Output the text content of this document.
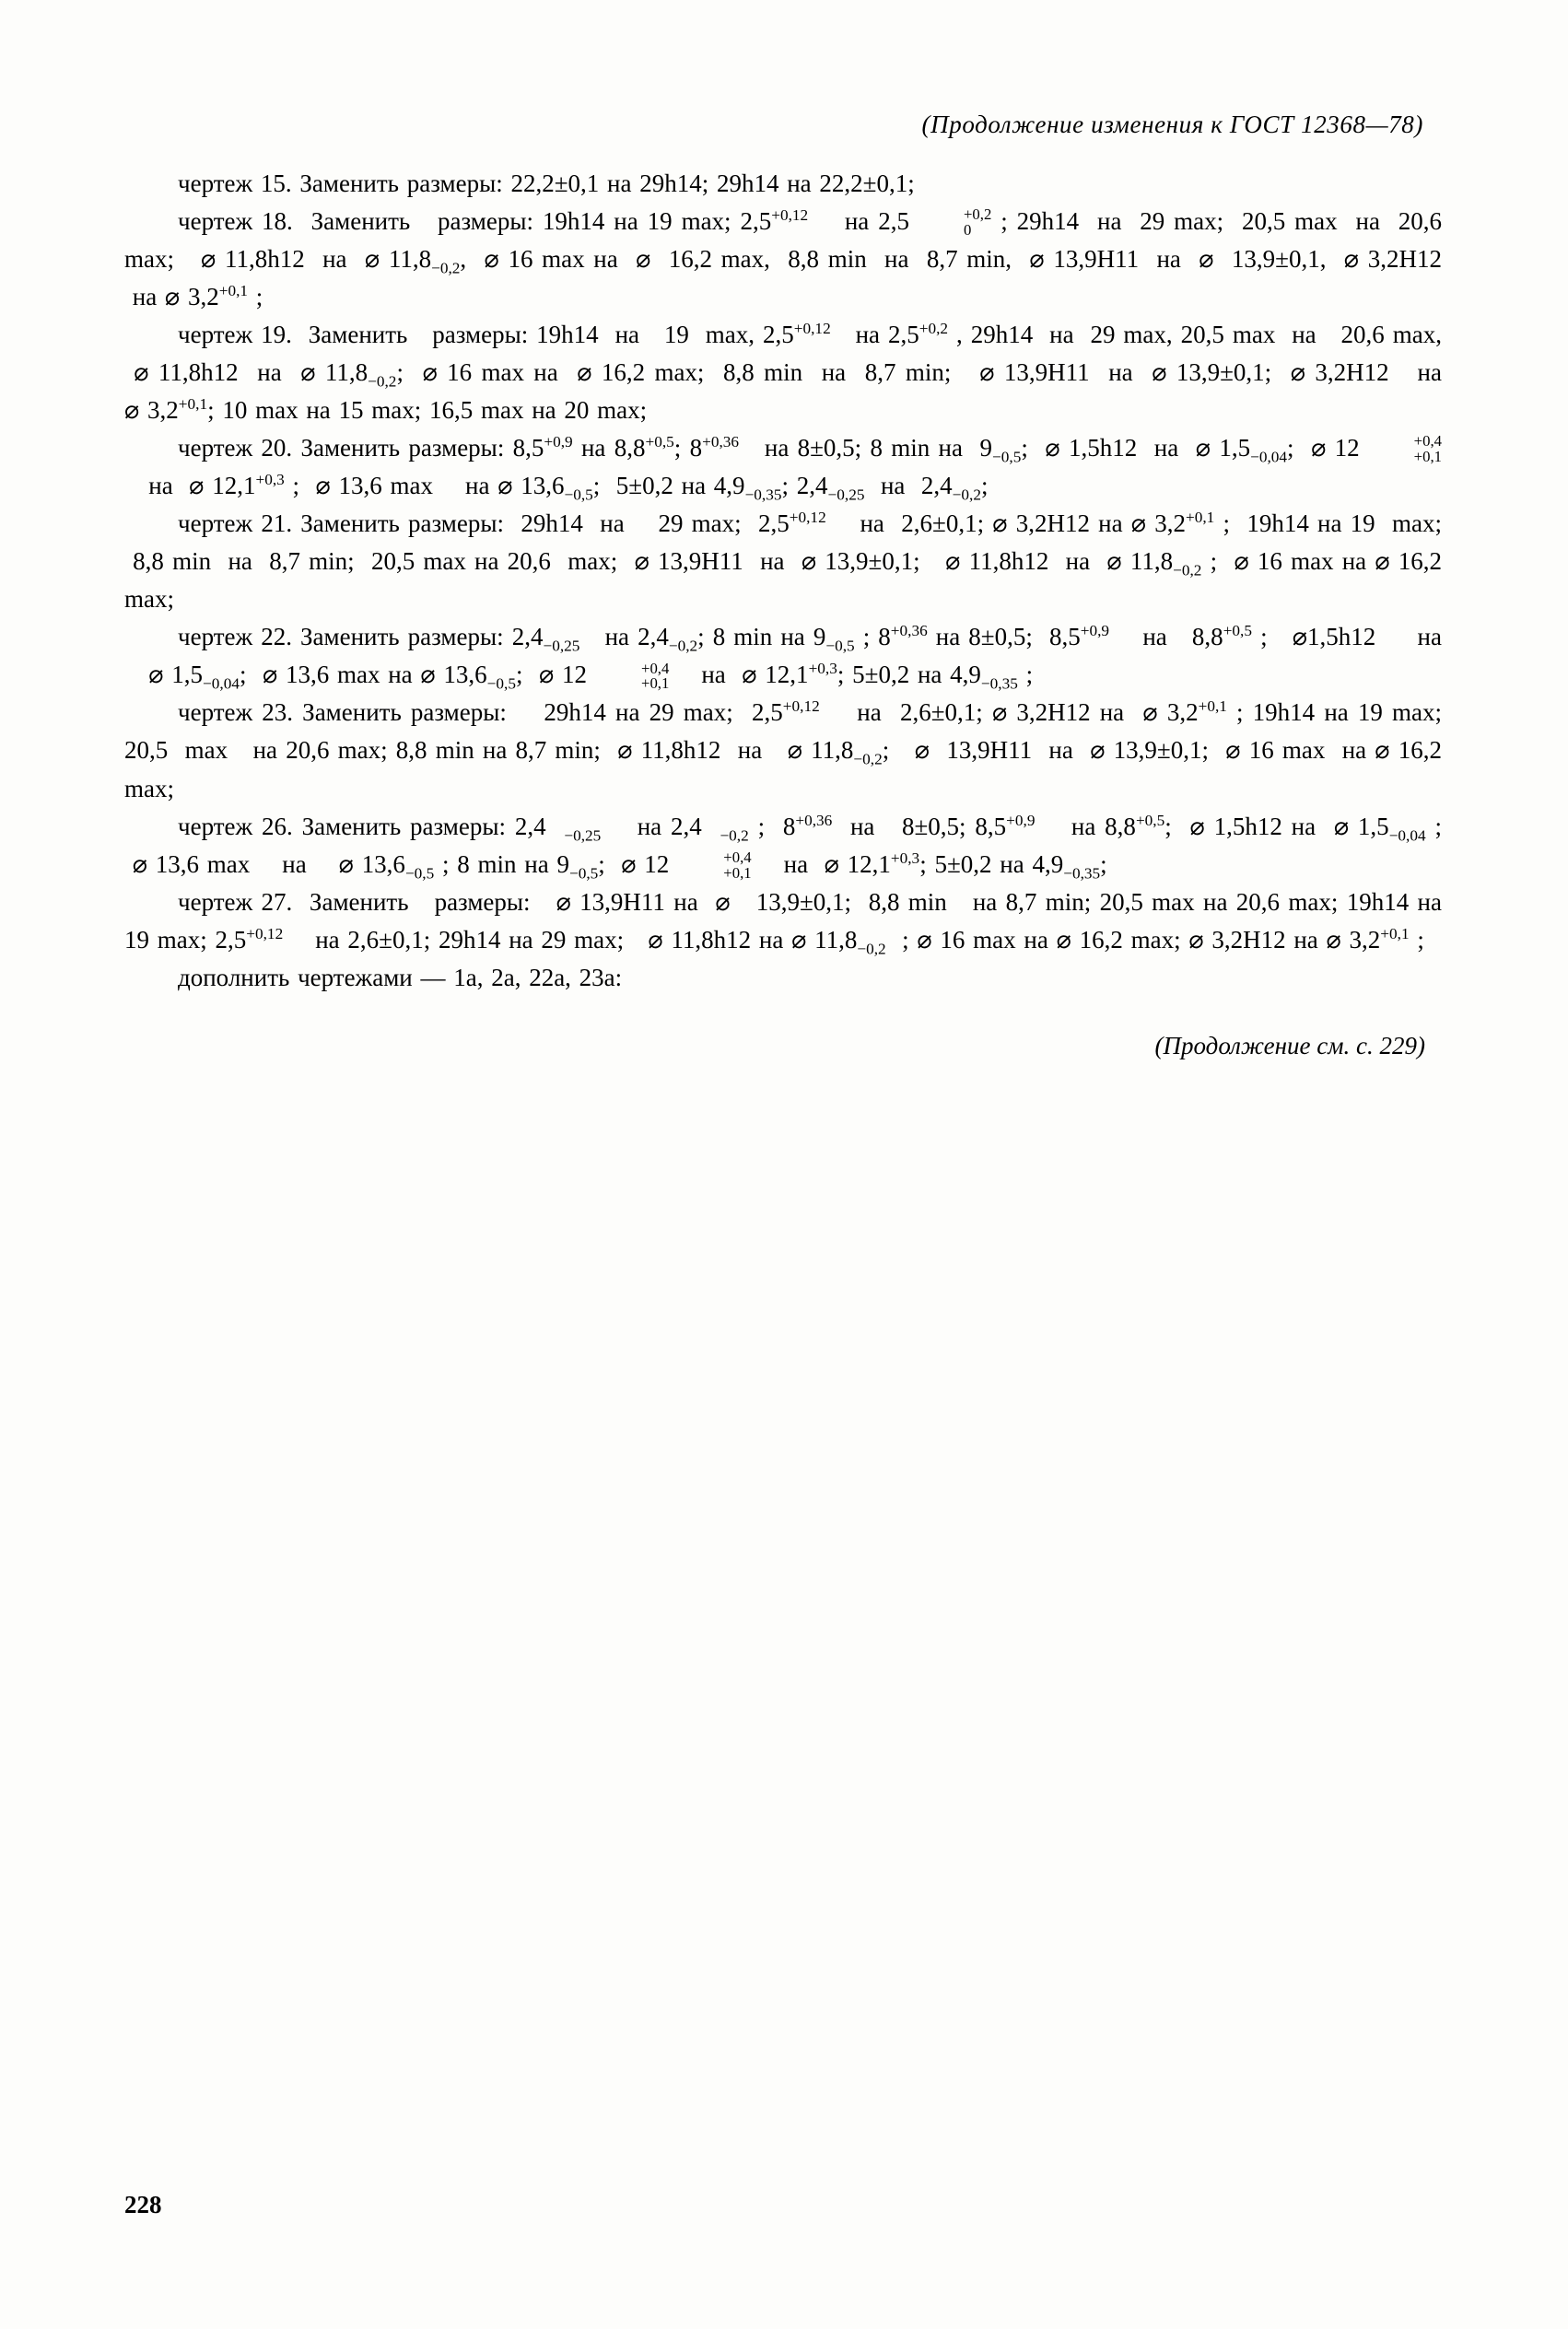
(Продолжение изменения к ГОСТ 12368—78)

чертеж 15. Заменить размеры: 22,2±0,1 на 29h14; 29h14 на 22,2±0,1;

чертеж 18.  Заменить   размеры: 19h14 на 19 max; $2,5^{+0,12}$    на 2,5	+0,2
0 ; 29h14  на  29 max;  20,5 max  на  20,6 max;   ⌀ 11,8h12  на  ⌀ $11,8_{-0,2}$,  ⌀ 16 max на  ⌀  16,2 max,  8,8 min  на  8,7 min,  ⌀ 13,9H11  на  ⌀  13,9±0,1,  ⌀ 3,2H12  на ⌀ $3,2^{+0,1}$ ;

чертеж 19.  Заменить   размеры: 19h14  на   19  max, $2,5^{+0,12}$   на $2,5^{+0,2}$ , 29h14  на  29 max, 20,5 max  на   20,6 max,  ⌀ 11,8h12  на  ⌀ $11,8_{-0,2}$;  ⌀ 16 max на  ⌀ 16,2 max;  8,8 min  на  8,7 min;   ⌀ 13,9H11  на  ⌀ 13,9±0,1;  ⌀ 3,2H12   на ⌀ $3,2^{+0,1}$; 10 max на 15 max; 16,5 max на 20 max;

чертеж 20. Заменить размеры: $8,5^{+0,9}$ на $8,8^{+0,5}$; $8^{+0,36}$   на 8±0,5; 8 min на  $9_{-0,5}$;  ⌀ 1,5h12  на  ⌀ $1,5_{-0,04}$;  ⌀ 12	+0,4
+0,1
на  ⌀ $12,1^{+0,3}$ ;  ⌀ 13,6 max    на ⌀ $13,6_{-0,5}$;  5±0,2 на $4,9_{-0,35}$; $2,4_{-0,25}$  на  $2,4_{-0,2}$;

чертеж 21. Заменить размеры:  29h14  на    29 max;  $2,5^{+0,12}$    на  2,6±0,1; ⌀ 3,2H12 на ⌀ $3,2^{+0,1}$ ;  19h14 на 19  max;  8,8 min  на  8,7 min;  20,5 max на 20,6  max;  ⌀ 13,9H11  на  ⌀ 13,9±0,1;   ⌀ 11,8h12  на  ⌀ $11,8_{-0,2}$ ;  ⌀ 16 max на ⌀ 16,2 max;

чертеж 22. Заменить размеры: $2,4_{-0,25}$   на $2,4_{-0,2}$; 8 min на $9_{-0,5}$ ; $8^{+0,36}$ на 8±0,5;  $8,5^{+0,9}$    на   $8,8^{+0,5}$ ;   ⌀1,5h12     на    ⌀ $1,5_{-0,04}$;  ⌀ 13,6 max на ⌀ $13,6_{-0,5}$;  ⌀ 12	+0,4
+0,1 на  ⌀ $12,1^{+0,3}$; 5±0,2 на $4,9_{-0,35}$ ;

чертеж 23. Заменить размеры:    29h14 на 29 max;  $2,5^{+0,12}$    на  2,6±0,1; ⌀ 3,2H12 на  ⌀ $3,2^{+0,1}$ ; 19h14 на 19 max; 20,5  max   на 20,6 max; 8,8 min на 8,7 min;  ⌀ 11,8h12  на   ⌀ $11,8_{-0,2}$;   ⌀  13,9H11  на  ⌀ 13,9±0,1;  ⌀ 16 max  на ⌀ 16,2 max;

чертеж 26. Заменить размеры: 2,4  $_{-0,25}$    на 2,4  $_{-0,2}$ ;  $8^{+0,36}$  на   8±0,5; $8,5^{+0,9}$    на $8,8^{+0,5}$;  ⌀ 1,5h12 на  ⌀ $1,5_{-0,04}$ ;  ⌀ 13,6 max    на    ⌀ $13,6_{-0,5}$ ; 8 min на $9_{-0,5}$;  ⌀ 12	+0,4
+0,1 на  ⌀ $12,1^{+0,3}$; 5±0,2 на $4,9_{-0,35}$;

чертеж 27.  Заменить   размеры:   ⌀ 13,9H11 на  ⌀   13,9±0,1;  8,8 min   на 8,7 min; 20,5 max на 20,6 max; 19h14 на 19 max; $2,5^{+0,12}$    на 2,6±0,1; 29h14 на 29 max;   ⌀ 11,8h12 на ⌀ $11,8_{-0,2}$  ; ⌀ 16 max на ⌀ 16,2 max; ⌀ 3,2H12 на ⌀ $3,2^{+0,1}$ ;

дополнить чертежами — 1а, 2а, 22а, 23а:

(Продолжение см. с. 229)
228
